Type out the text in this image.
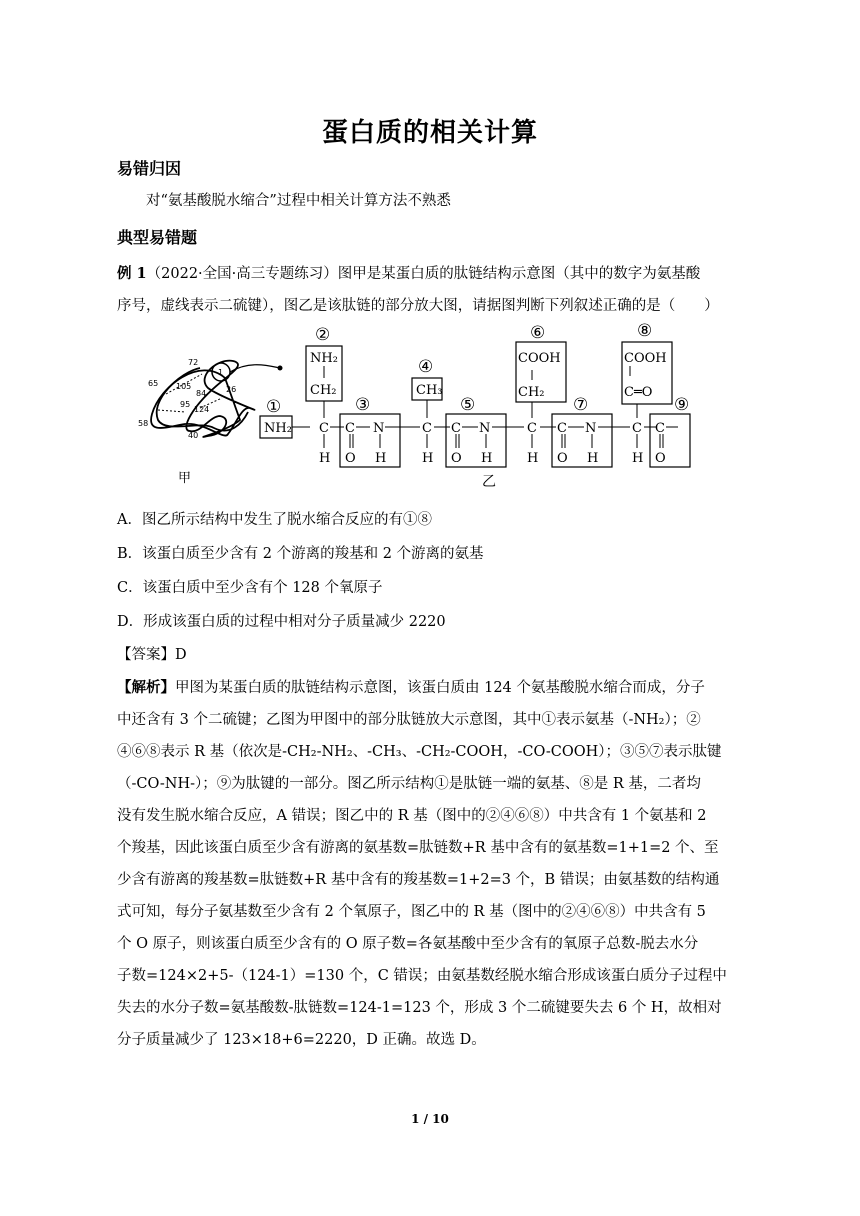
蛋白质的相关计算
易错归因
对“氨基酸脱水缩合”过程中相关计算方法不熟悉
典型易错题
例 1（2022·全国·高三专题练习）图甲是某蛋白质的肽链结构示意图（其中的数字为氨基酸
序号，虚线表示二硫键），图乙是该肽链的部分放大图，请据图判断下列叙述正确的是（　　）
72
65 105
84
95
124
26
58
40
1
甲
NH₂
NH₂
CH₂	CH₃
COOH
CH₂
COOH
C═O
C
H
C
O
N
H
C
H
C
O
N
H
C
H
C
O
N
H
C
H
C
O
①
②
③
④
⑤
⑥
⑦
⑧
⑨
乙
A．图乙所示结构中发生了脱水缩合反应的有①⑧
B．该蛋白质至少含有 2 个游离的羧基和 2 个游离的氨基
C．该蛋白质中至少含有个 128 个氧原子
D．形成该蛋白质的过程中相对分子质量减少 2220
【答案】D
【解析】甲图为某蛋白质的肽链结构示意图，该蛋白质由 124 个氨基酸脱水缩合而成，分子
中还含有 3 个二硫键；乙图为甲图中的部分肽链放大示意图，其中①表示氨基（-NH₂）；②
④⑥⑧表示 R 基（依次是-CH₂-NH₂、-CH₃、-CH₂-COOH，-CO-COOH）；③⑤⑦表示肽键
（-CO-NH-）；⑨为肽键的一部分。图乙所示结构①是肽链一端的氨基、⑧是 R 基，二者均
没有发生脱水缩合反应，A 错误；图乙中的 R 基（图中的②④⑥⑧）中共含有 1 个氨基和 2
个羧基，因此该蛋白质至少含有游离的氨基数=肽链数+R 基中含有的氨基数=1+1=2 个、至
少含有游离的羧基数=肽链数+R 基中含有的羧基数=1+2=3 个，B 错误；由氨基数的结构通
式可知，每分子氨基数至少含有 2 个氧原子，图乙中的 R 基（图中的②④⑥⑧）中共含有 5
个 O 原子，则该蛋白质至少含有的 O 原子数=各氨基酸中至少含有的氧原子总数-脱去水分
子数=124×2+5-（124-1）=130 个，C 错误；由氨基数经脱水缩合形成该蛋白质分子过程中
失去的水分子数=氨基酸数-肽链数=124-1=123 个，形成 3 个二硫键要失去 6 个 H，故相对
分子质量减少了 123×18+6=2220，D 正确。故选 D。
1 / 10
